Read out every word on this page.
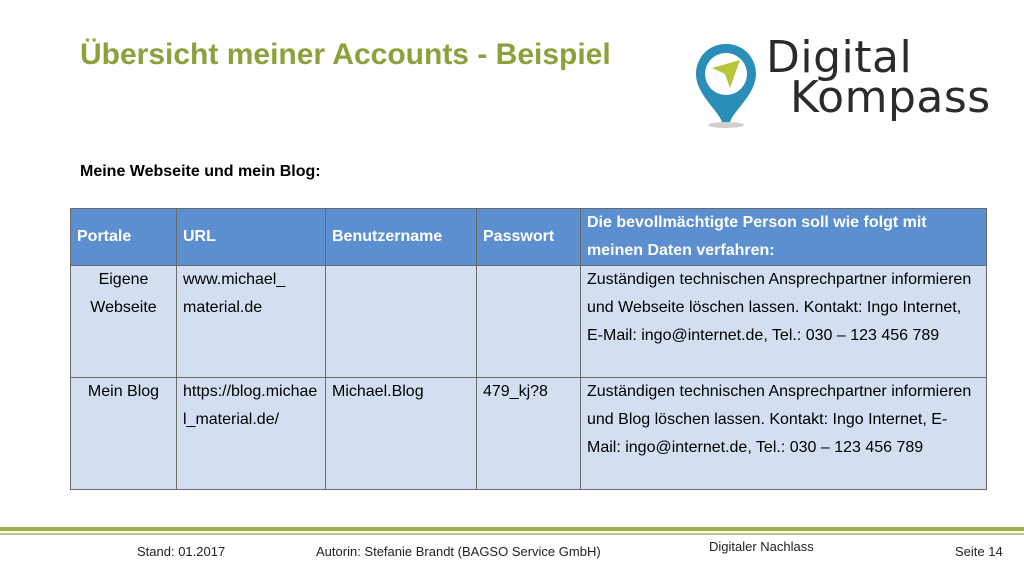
Übersicht meiner Accounts - Beispiel	Digital
Kompass

Meine Webseite und mein Blog:

Portale	URL	Benutzername	Passwort	Die bevollmächtigte Person soll wie folgt mit meinen Daten verfahren:
Eigene Webseite	www.michael_ material.de			Zuständigen technischen Ansprechpartner informieren und Webseite löschen lassen. Kontakt: Ingo Internet, E-Mail: ingo@internet.de, Tel.: 030 – 123 456 789
Mein Blog	https://blog.michael_material.de/	Michael.Blog	479_kj?8	Zuständigen technischen Ansprechpartner informieren und Blog löschen lassen. Kontakt: Ingo Internet, E-Mail: ingo@internet.de, Tel.: 030 – 123 456 789
Stand: 01.2017	Autorin: Stefanie Brandt (BAGSO Service GmbH)	Digitaler Nachlass	Seite 14
